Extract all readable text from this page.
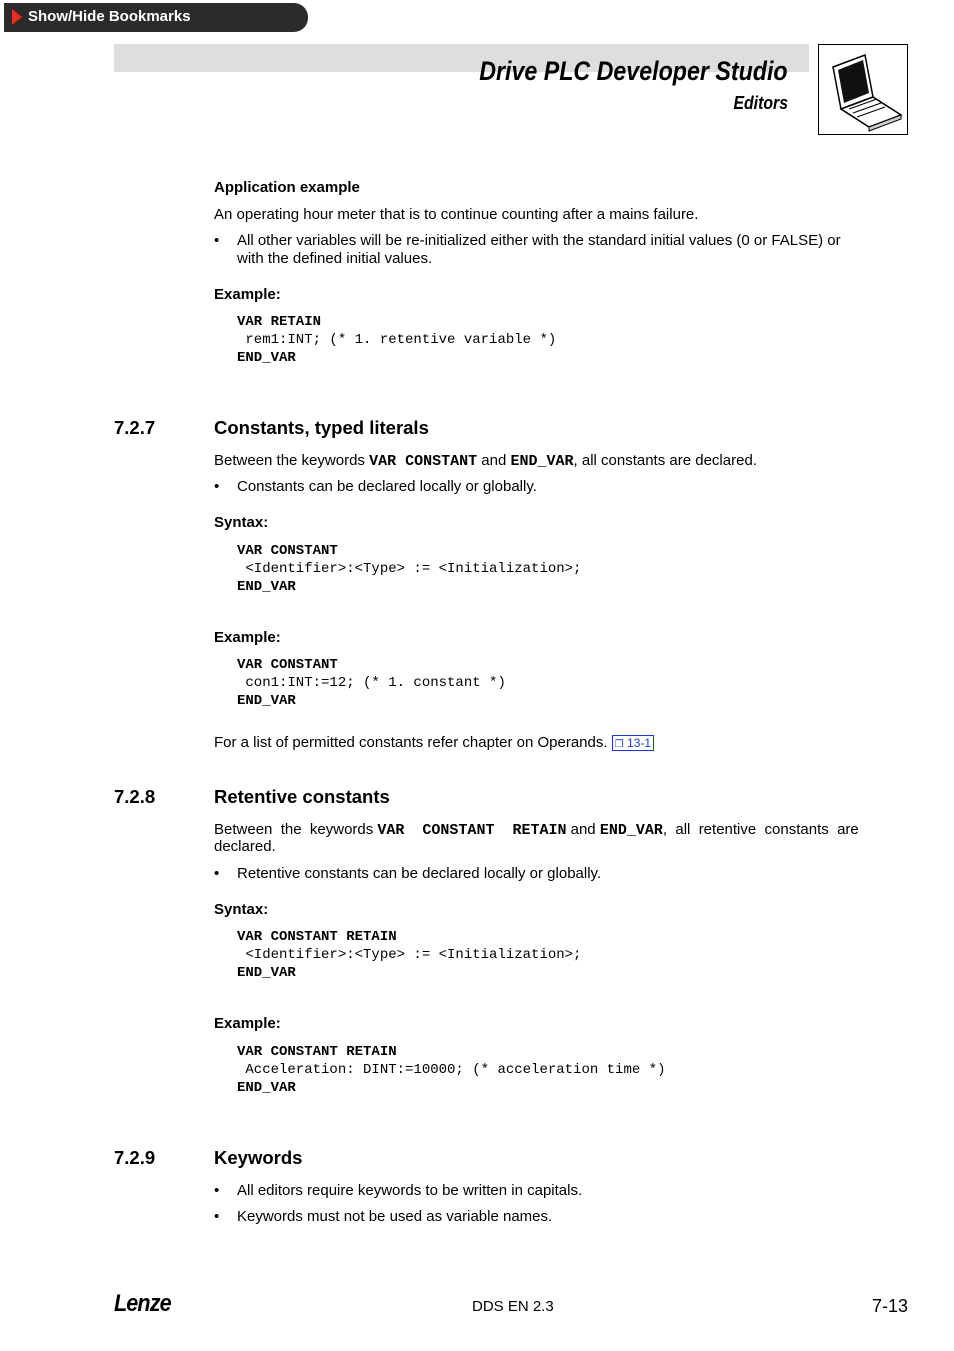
Show/Hide Bookmarks
Drive PLC Developer Studio
Editors
Application example
An operating hour meter that is to continue counting after a mains failure.
• All other variables will be re-initialized either with the standard initial values (0 or FALSE) or
with the defined initial values.
Example:
VAR RETAIN
rem1:INT; (* 1. retentive variable *)
END_VAR
7.2.7	Constants, typed literals
Between the keywords VAR CONSTANT and END_VAR, all constants are declared.
• Constants can be declared locally or globally.
Syntax:
VAR CONSTANT
<Identifier>:<Type> := <Initialization>;
END_VAR
Example:
VAR CONSTANT
con1:INT:=12; (* 1. constant *)
END_VAR
For a list of permitted constants refer chapter on Operands. ❐ 13-1
7.2.8	Retentive constants
Between  the  keywords VAR  CONSTANT  RETAIN and END_VAR,  all  retentive  constants  are
declared.
• Retentive constants can be declared locally or globally.
Syntax:
VAR CONSTANT RETAIN
<Identifier>:<Type> := <Initialization>;
END_VAR
Example:
VAR CONSTANT RETAIN
Acceleration: DINT:=10000; (* acceleration time *)
END_VAR
7.2.9	Keywords
• All editors require keywords to be written in capitals.
• Keywords must not be used as variable names.
Lenze	DDS EN 2.3	7-13
